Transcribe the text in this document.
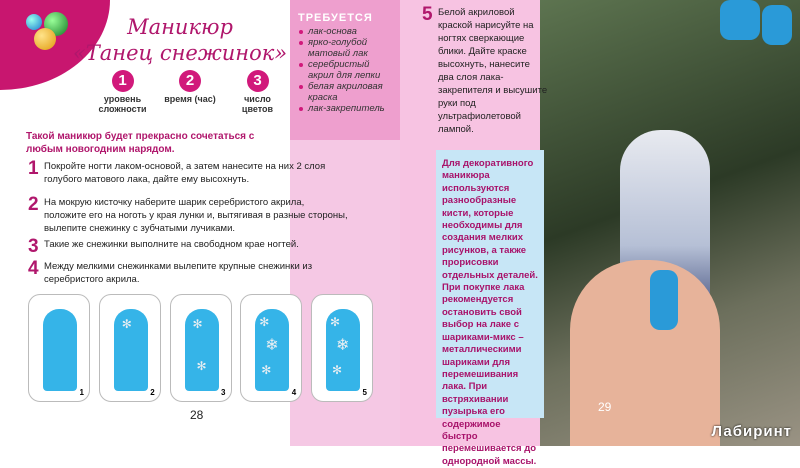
Маникюр
«Танец снежинок»
1
уровень сложности
2
время (час)
3
число цветов
ТРЕБУЕТСЯ
лак-основа
ярко-голубой матовый лак
серебристый акрил для лепки
белая акриловая краска
лак-закрепитель
Такой маникюр будет прекрасно сочетаться с любым новогодним нарядом.
1 Покройте ногти лаком-основой, а затем нанесите на них 2 слоя голубого матового лака, дайте ему высохнуть.
2 На мокрую кисточку наберите шарик серебристого акрила, положите его на ноготь у края лунки и, вытягивая в разные стороны, вылепите снежинку с зубчатыми лучиками.
3 Такие же снежинки выполните на свободном крае ногтей.
4 Между мелкими снежинками вылепите крупные снежинки из серебристого акрила.
1
✻
2
✻
✻
3
✻
❄
✻
4
✻
❄
✻
5
28
5 Белой акриловой краской нарисуйте на ногтях сверкающие блики. Дайте краске высохнуть, нанесите два слоя лака-закрепителя и высушите руки под ультрафиолетовой лампой.
Для декоративного маникюра используются разнообразные кисти, которые необходимы для создания мелких рисунков, а также прорисовки отдельных деталей. При покупке лака рекомендуется остановить свой выбор на лаке с шариками-микс – металлическими шариками для перемешивания лака. При встряхивании пузырька его содержимое быстро перемешивается до однородной массы.
29
Лабиринт
